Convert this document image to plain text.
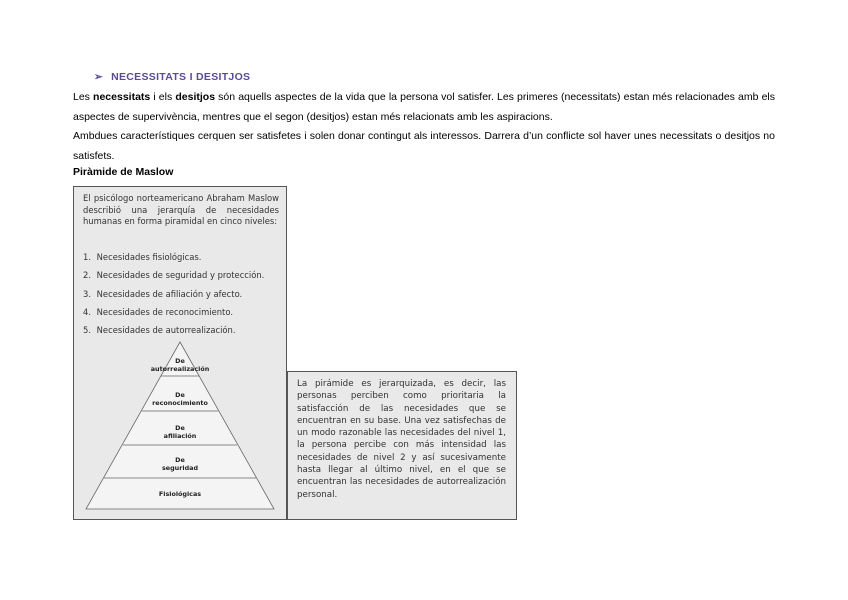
➢ NECESSITATS I DESITJOS
Les necessitats i els desitjos són aquells aspectes de la vida que la persona vol satisfer. Les primeres (necessitats) estan més relacionades amb els aspectes de supervivència, mentres que el segon (desitjos) estan més relacionats amb les aspiracions.
Ambdues característiques cerquen ser satisfetes i solen donar contingut als interessos. Darrera d’un conflicte sol haver unes necessitats o desitjos no satisfets.
Piràmide de Maslow
El psicólogo norteamericano Abraham Maslow describió una jerarquía de necesidades humanas en forma piramidal en cinco niveles:
1. Necesidades fisiológicas.
2. Necesidades de seguridad y protección.
3. Necesidades de afiliación y afecto.
4. Necesidades de reconocimiento.
5. Necesidades de autorrealización.
De
autorrealización
De
reconocimiento
De
afiliación
De
seguridad
Fisiológicas
La pirámide es jerarquizada, es decir, las personas perciben como prioritaria la satisfacción de las necesidades que se encuentran en su base. Una vez satisfechas de un modo razonable las necesidades del nivel 1, la persona percibe con más intensidad las necesidades de nivel 2 y así sucesivamente hasta llegar al último nivel, en el que se encuentran las necesidades de autorrealización personal.
